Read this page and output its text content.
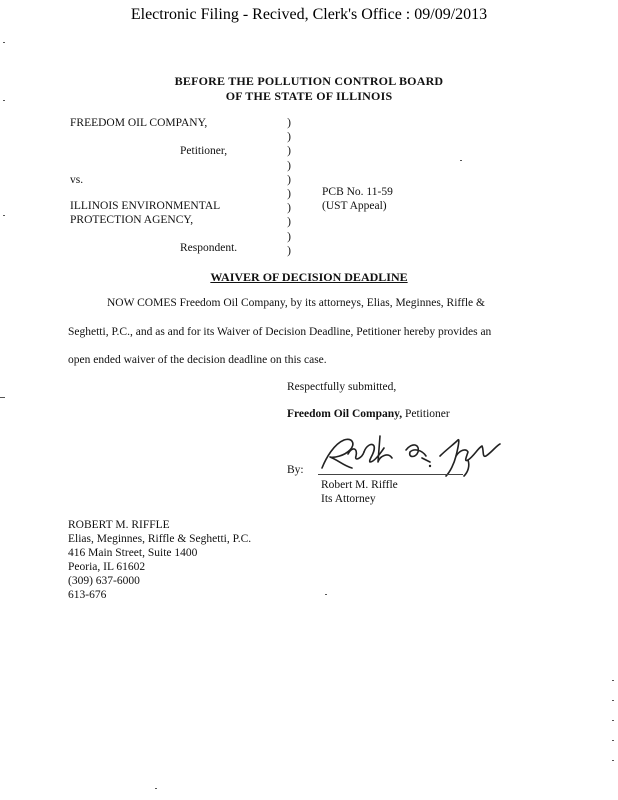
Electronic Filing - Recived, Clerk's Office : 09/09/2013
BEFORE THE POLLUTION CONTROL BOARD
OF THE STATE OF ILLINOIS
FREEDOM OIL COMPANY,
Petitioner,
vs.
ILLINOIS ENVIRONMENTAL
PROTECTION AGENCY,
Respondent.
)
)
)
)
)
)
)
)
)
)
PCB No. 11-59
(UST Appeal)
WAIVER OF DECISION DEADLINE
NOW COMES Freedom Oil Company, by its attorneys, Elias, Meginnes, Riffle &
Seghetti, P.C., and as and for its Waiver of Decision Deadline, Petitioner hereby provides an
open ended waiver of the decision deadline on this case.
Respectfully submitted,
Freedom Oil Company, Petitioner
By:
Robert M. Riffle
Its Attorney
ROBERT M. RIFFLE
Elias, Meginnes, Riffle & Seghetti, P.C.
416 Main Street, Suite 1400
Peoria, IL 61602
(309) 637-6000
613-676
